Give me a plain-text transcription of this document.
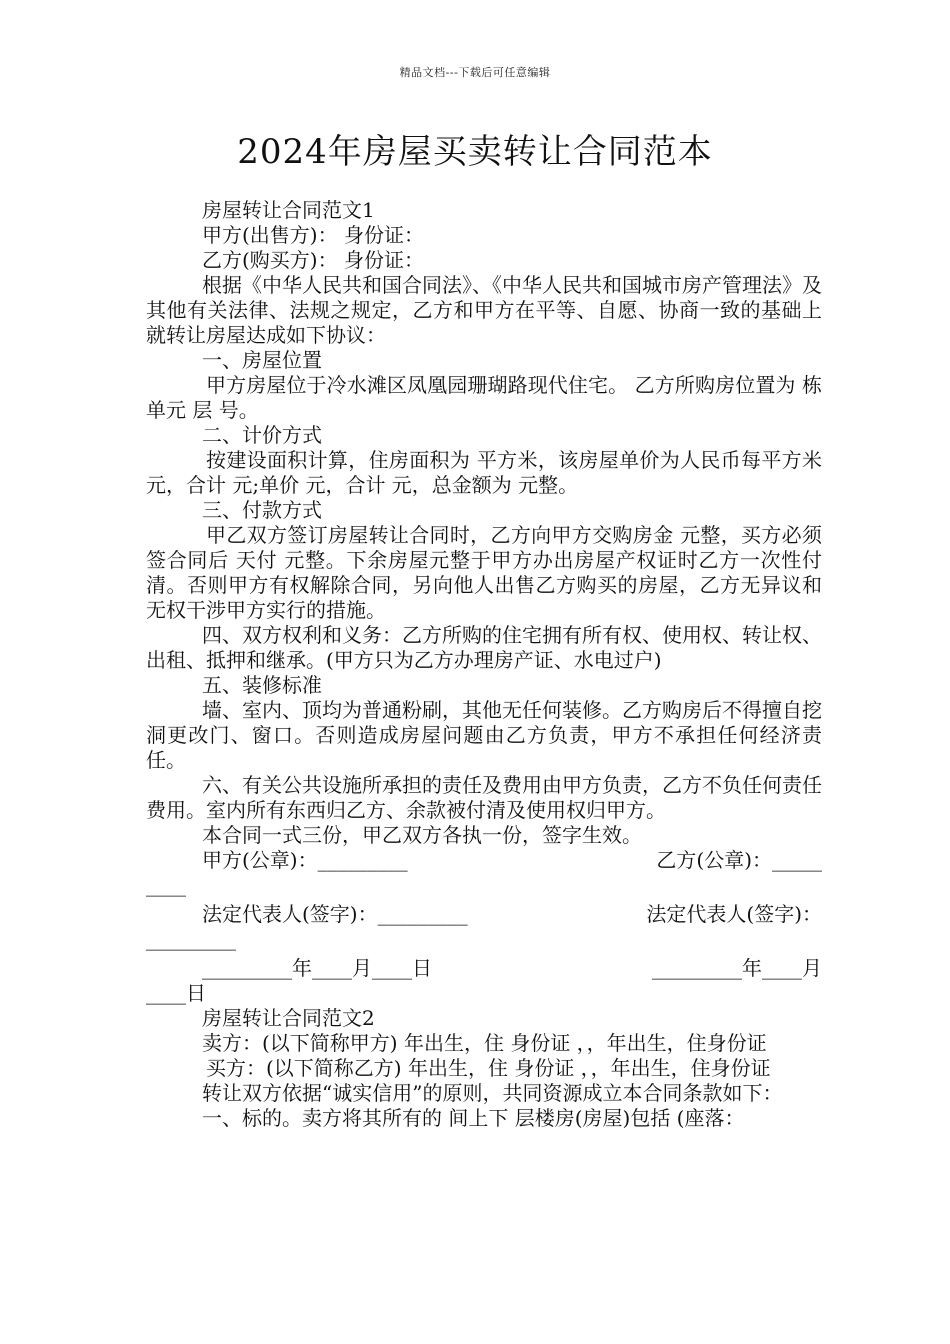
精品文档---下载后可任意编辑
2024年房屋买卖转让合同范本

房屋转让合同范文1

甲方(出售方)： 身份证：

乙方(购买方)： 身份证：

根据《中华人民共和国合同法》、《中华人民共和国城市房产管理法》及其他有关法律、法规之规定，乙方和甲方在平等、自愿、协商一致的基础上就转让房屋达成如下协议：

一、房屋位置

甲方房屋位于冷水滩区凤凰园珊瑚路现代住宅。 乙方所购房位置为 栋 单元 层 号。

二、计价方式

按建设面积计算，住房面积为 平方米，该房屋单价为人民币每平方米 元，合计 元;单价 元，合计 元，总金额为 元整。

三、付款方式

甲乙双方签订房屋转让合同时，乙方向甲方交购房金 元整，买方必须签合同后 天付 元整。下余房屋元整于甲方办出房屋产权证时乙方一次性付清。否则甲方有权解除合同，另向他人出售乙方购买的房屋，乙方无异议和无权干涉甲方实行的措施。

四、双方权利和义务：乙方所购的住宅拥有所有权、使用权、转让权、出租、抵押和继承。(甲方只为乙方办理房产证、水电过户)

五、装修标准

墙、室内、顶均为普通粉刷，其他无任何装修。乙方购房后不得擅自挖洞更改门、窗口。否则造成房屋问题由乙方负责，甲方不承担任何经济责任。

六、有关公共设施所承担的责任及费用由甲方负责，乙方不负任何责任费用。室内所有东西归乙方、余款被付清及使用权归甲方。

本合同一式三份，甲乙双方各执一份，签字生效。

甲方(公章)：_________	乙方(公章)：_____

____

法定代表人(签字)：_________	法定代表人(签字)：

_________

_________年____月____日	_________年____月

____日

房屋转让合同范文2

卖方：(以下简称甲方) 年出生，住 身份证 ，，年出生，住身份证

买方：(以下简称乙方) 年出生，住 身份证 ，，年出生，住身份证

转让双方依据“诚实信用”的原则，共同资源成立本合同条款如下：

一、标的。卖方将其所有的 间上下 层楼房(房屋)包括 (座落：
